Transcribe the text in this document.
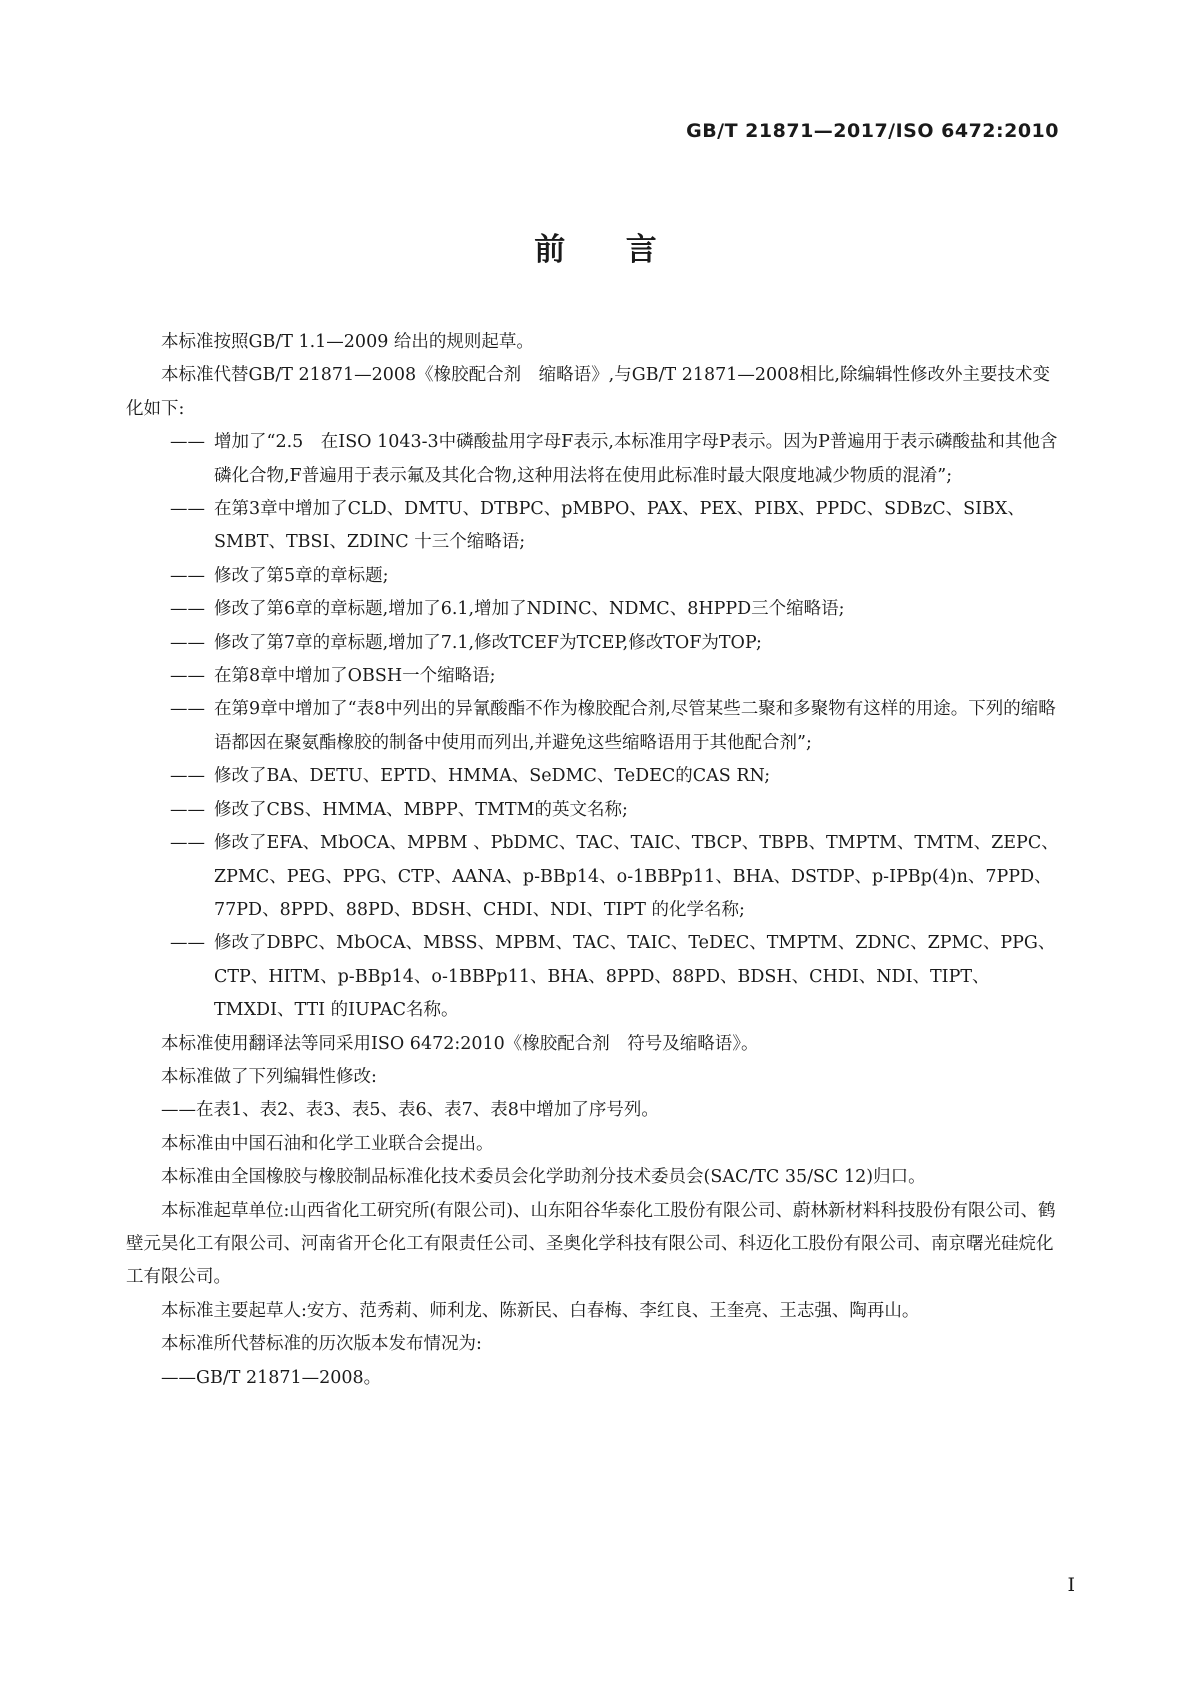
GB/T 21871—2017/ISO 6472:2010
前 言

本标准按照GB/T 1.1—2009 给出的规则起草。

本标准代替GB/T 21871—2008《橡胶配合剂　缩略语》,与GB/T 21871—2008相比,除编辑性修改外主要技术变化如下:

—— 增加了“2.5　在ISO 1043-3中磷酸盐用字母F表示,本标准用字母P表示。因为P普遍用于表示磷酸盐和其他含磷化合物,F普遍用于表示氟及其化合物,这种用法将在使用此标准时最大限度地减少物质的混淆”;

—— 在第3章中增加了CLD、DMTU、DTBPC、pMBPO、PAX、PEX、PIBX、PPDC、SDBzC、SIBX、SMBT、TBSI、ZDINC 十三个缩略语;

—— 修改了第5章的章标题;

—— 修改了第6章的章标题,增加了6.1,增加了NDINC、NDMC、8HPPD三个缩略语;

—— 修改了第7章的章标题,增加了7.1,修改TCEF为TCEP,修改TOF为TOP;

—— 在第8章中增加了OBSH一个缩略语;

—— 在第9章中增加了“表8中列出的异氰酸酯不作为橡胶配合剂,尽管某些二聚和多聚物有这样的用途。下列的缩略语都因在聚氨酯橡胶的制备中使用而列出,并避免这些缩略语用于其他配合剂”;

—— 修改了BA、DETU、EPTD、HMMA、SeDMC、TeDEC的CAS RN;

—— 修改了CBS、HMMA、MBPP、TMTM的英文名称;

—— 修改了EFA、MbOCA、MPBM 、PbDMC、TAC、TAIC、TBCP、TBPB、TMPTM、TMTM、ZEPC、ZPMC、PEG、PPG、CTP、AANA、p-BBp14、o-1BBPp11、BHA、DSTDP、p-IPBp(4)n、7PPD、77PD、8PPD、88PD、BDSH、CHDI、NDI、TIPT 的化学名称;

—— 修改了DBPC、MbOCA、MBSS、MPBM、TAC、TAIC、TeDEC、TMPTM、ZDNC、ZPMC、PPG、CTP、HITM、p-BBp14、o-1BBPp11、BHA、8PPD、88PD、BDSH、CHDI、NDI、TIPT、TMXDI、TTI 的IUPAC名称。

本标准使用翻译法等同采用ISO 6472:2010《橡胶配合剂　符号及缩略语》。

本标准做了下列编辑性修改:

——在表1、表2、表3、表5、表6、表7、表8中增加了序号列。

本标准由中国石油和化学工业联合会提出。

本标准由全国橡胶与橡胶制品标准化技术委员会化学助剂分技术委员会(SAC/TC 35/SC 12)归口。

本标准起草单位:山西省化工研究所(有限公司)、山东阳谷华泰化工股份有限公司、蔚林新材料科技股份有限公司、鹤壁元昊化工有限公司、河南省开仑化工有限责任公司、圣奥化学科技有限公司、科迈化工股份有限公司、南京曙光硅烷化工有限公司。

本标准主要起草人:安方、范秀莉、师利龙、陈新民、白春梅、李红良、王奎亮、王志强、陶再山。

本标准所代替标准的历次版本发布情况为:

——GB/T 21871—2008。

I
